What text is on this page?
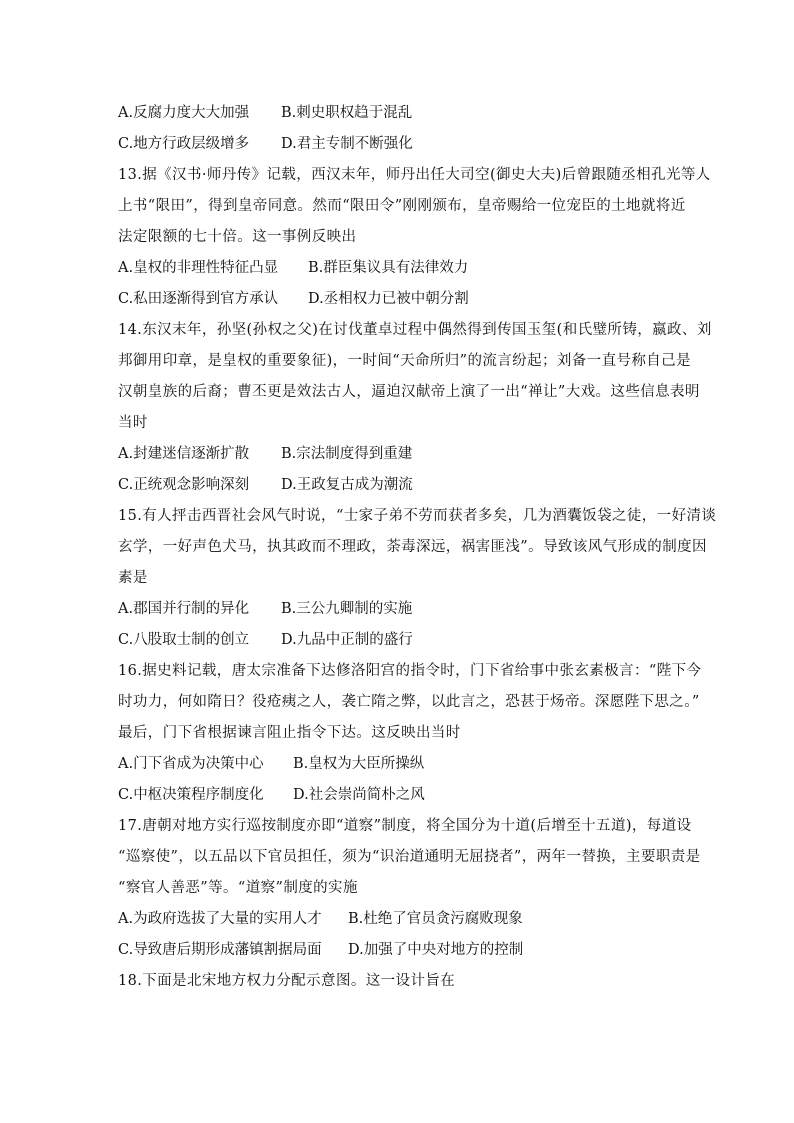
A.反腐力度大大加强 B.刺史职权趋于混乱
C.地方行政层级增多 D.君主专制不断强化
13.据《汉书·师丹传》记载，西汉末年，师丹出任大司空(御史大夫)后曾跟随丞相孔光等人
上书“限田”，得到皇帝同意。然而“限田令”刚刚颁布，皇帝赐给一位宠臣的土地就将近
法定限额的七十倍。这一事例反映出
A.皇权的非理性特征凸显 B.群臣集议具有法律效力
C.私田逐渐得到官方承认 D.丞相权力已被中朝分割
14.东汉末年，孙坚(孙权之父)在讨伐董卓过程中偶然得到传国玉玺(和氏璧所铸，嬴政、刘
邦御用印章，是皇权的重要象征)，一时间“天命所归”的流言纷起；刘备一直号称自己是
汉朝皇族的后裔；曹丕更是效法古人，逼迫汉献帝上演了一出“禅让”大戏。这些信息表明
当时
A.封建迷信逐渐扩散 B.宗法制度得到重建
C.正统观念影响深刻 D.王政复古成为潮流
15.有人抨击西晋社会风气时说，“士家子弟不劳而获者多矣，几为酒囊饭袋之徒，一好清谈
玄学，一好声色犬马，执其政而不理政，荼毒深远，祸害匪浅”。导致该风气形成的制度因
素是
A.郡国并行制的异化 B.三公九卿制的实施
C.八股取士制的创立 D.九品中正制的盛行
16.据史料记载，唐太宗准备下达修洛阳宫的指令时，门下省给事中张玄素极言：“陛下今
时功力，何如隋日？役疮痍之人，袭亡隋之弊，以此言之，恐甚于炀帝。深愿陛下思之。”
最后，门下省根据谏言阻止指令下达。这反映出当时
A.门下省成为决策中心 B.皇权为大臣所操纵
C.中枢决策程序制度化 D.社会崇尚简朴之风
17.唐朝对地方实行巡按制度亦即“道察”制度，将全国分为十道(后增至十五道)，每道设
“巡察使”，以五品以下官员担任，须为“识治道通明无屈挠者”，两年一替换，主要职责是
“察官人善恶”等。“道察”制度的实施
A.为政府选拔了大量的实用人才 B.杜绝了官员贪污腐败现象
C.导致唐后期形成藩镇割据局面 D.加强了中央对地方的控制
18.下面是北宋地方权力分配示意图。这一设计旨在
